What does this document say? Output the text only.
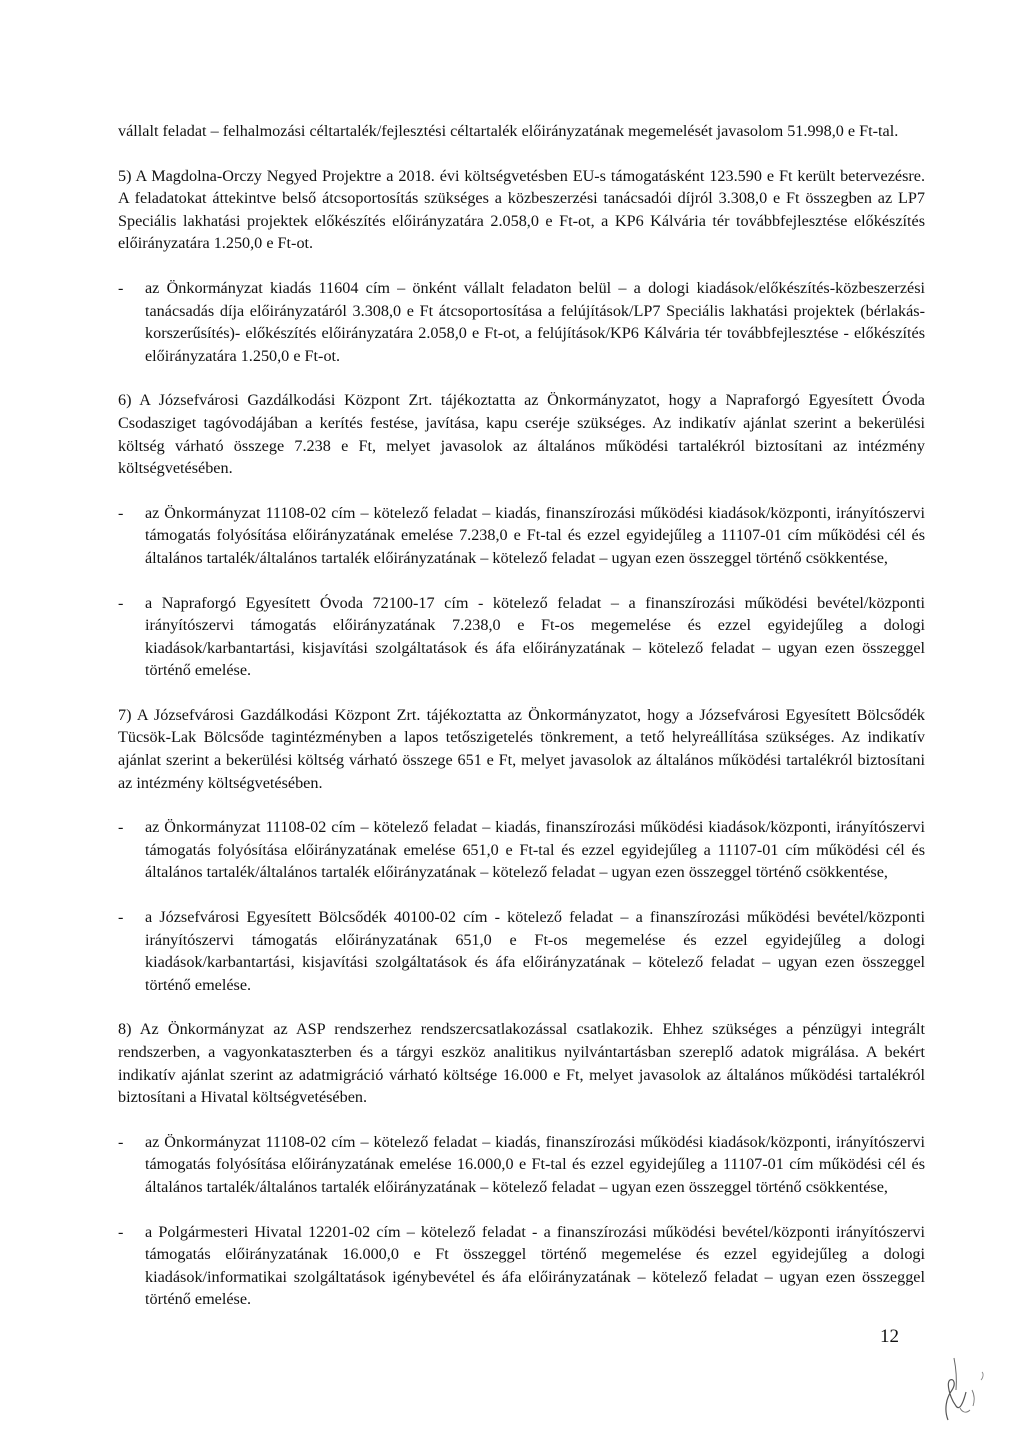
vállalt feladat – felhalmozási céltartalék/fejlesztési céltartalék előirányzatának megemelését javasolom 51.998,0 e Ft-tal.

5) A Magdolna-Orczy Negyed Projektre a 2018. évi költségvetésben EU-s támogatásként 123.590 e Ft került betervezésre. A feladatokat áttekintve belső átcsoportosítás szükséges a közbeszerzési tanácsadói díjról 3.308,0 e Ft összegben az LP7 Speciális lakhatási projektek előkészítés előirányzatára 2.058,0 e Ft-ot, a KP6 Kálvária tér továbbfejlesztése előkészítés előirányzatára 1.250,0 e Ft-ot.

-	az Önkormányzat kiadás 11604 cím – önként vállalt feladaton belül – a dologi kiadások/előkészítés-közbeszerzési tanácsadás díja előirányzatáról 3.308,0 e Ft átcsoportosítása a felújítások/LP7 Speciális lakhatási projektek (bérlakás-korszerűsítés)- előkészítés előirányzatára 2.058,0 e Ft-ot, a felújítások/KP6 Kálvária tér továbbfejlesztése - előkészítés előirányzatára 1.250,0 e Ft-ot.

6) A Józsefvárosi Gazdálkodási Központ Zrt. tájékoztatta az Önkormányzatot, hogy a Napraforgó Egyesített Óvoda Csodasziget tagóvodájában a kerítés festése, javítása, kapu cseréje szükséges. Az indikatív ajánlat szerint a bekerülési költség várható összege 7.238 e Ft, melyet javasolok az általános működési tartalékról biztosítani az intézmény költségvetésében.

-	az Önkormányzat 11108-02 cím – kötelező feladat – kiadás, finanszírozási működési kiadások/központi, irányítószervi támogatás folyósítása előirányzatának emelése 7.238,0 e Ft-tal és ezzel egyidejűleg a 11107-01 cím működési cél és általános tartalék/általános tartalék előirányzatának – kötelező feladat – ugyan ezen összeggel történő csökkentése,
-	a Napraforgó Egyesített Óvoda 72100-17 cím - kötelező feladat – a finanszírozási működési bevétel/központi irányítószervi támogatás előirányzatának 7.238,0 e Ft-os megemelése és ezzel egyidejűleg a dologi kiadások/karbantartási, kisjavítási szolgáltatások és áfa előirányzatának – kötelező feladat – ugyan ezen összeggel történő emelése.

7) A Józsefvárosi Gazdálkodási Központ Zrt. tájékoztatta az Önkormányzatot, hogy a Józsefvárosi Egyesített Bölcsődék Tücsök-Lak Bölcsőde tagintézményben a lapos tetőszigetelés tönkrement, a tető helyreállítása szükséges. Az indikatív ajánlat szerint a bekerülési költség várható összege 651 e Ft, melyet javasolok az általános működési tartalékról biztosítani az intézmény költségvetésében.

-	az Önkormányzat 11108-02 cím – kötelező feladat – kiadás, finanszírozási működési kiadások/központi, irányítószervi támogatás folyósítása előirányzatának emelése 651,0 e Ft-tal és ezzel egyidejűleg a 11107-01 cím működési cél és általános tartalék/általános tartalék előirányzatának – kötelező feladat – ugyan ezen összeggel történő csökkentése,
-	a Józsefvárosi Egyesített Bölcsődék 40100-02 cím - kötelező feladat – a finanszírozási működési bevétel/központi irányítószervi támogatás előirányzatának 651,0 e Ft-os megemelése és ezzel egyidejűleg a dologi kiadások/karbantartási, kisjavítási szolgáltatások és áfa előirányzatának – kötelező feladat – ugyan ezen összeggel történő emelése.

8) Az Önkormányzat az ASP rendszerhez rendszercsatlakozással csatlakozik. Ehhez szükséges a pénzügyi integrált rendszerben, a vagyonkataszterben és a tárgyi eszköz analitikus nyilvántartásban szereplő adatok migrálása. A bekért indikatív ajánlat szerint az adatmigráció várható költsége 16.000 e Ft, melyet javasolok az általános működési tartalékról biztosítani a Hivatal költségvetésében.

-	az Önkormányzat 11108-02 cím – kötelező feladat – kiadás, finanszírozási működési kiadások/központi, irányítószervi támogatás folyósítása előirányzatának emelése 16.000,0 e Ft-tal és ezzel egyidejűleg a 11107-01 cím működési cél és általános tartalék/általános tartalék előirányzatának – kötelező feladat – ugyan ezen összeggel történő csökkentése,
-	a Polgármesteri Hivatal 12201-02 cím – kötelező feladat - a finanszírozási működési bevétel/központi irányítószervi támogatás előirányzatának 16.000,0 e Ft összeggel történő megemelése és ezzel egyidejűleg a dologi kiadások/informatikai szolgáltatások igénybevétel és áfa előirányzatának – kötelező feladat – ugyan ezen összeggel történő emelése.
12
